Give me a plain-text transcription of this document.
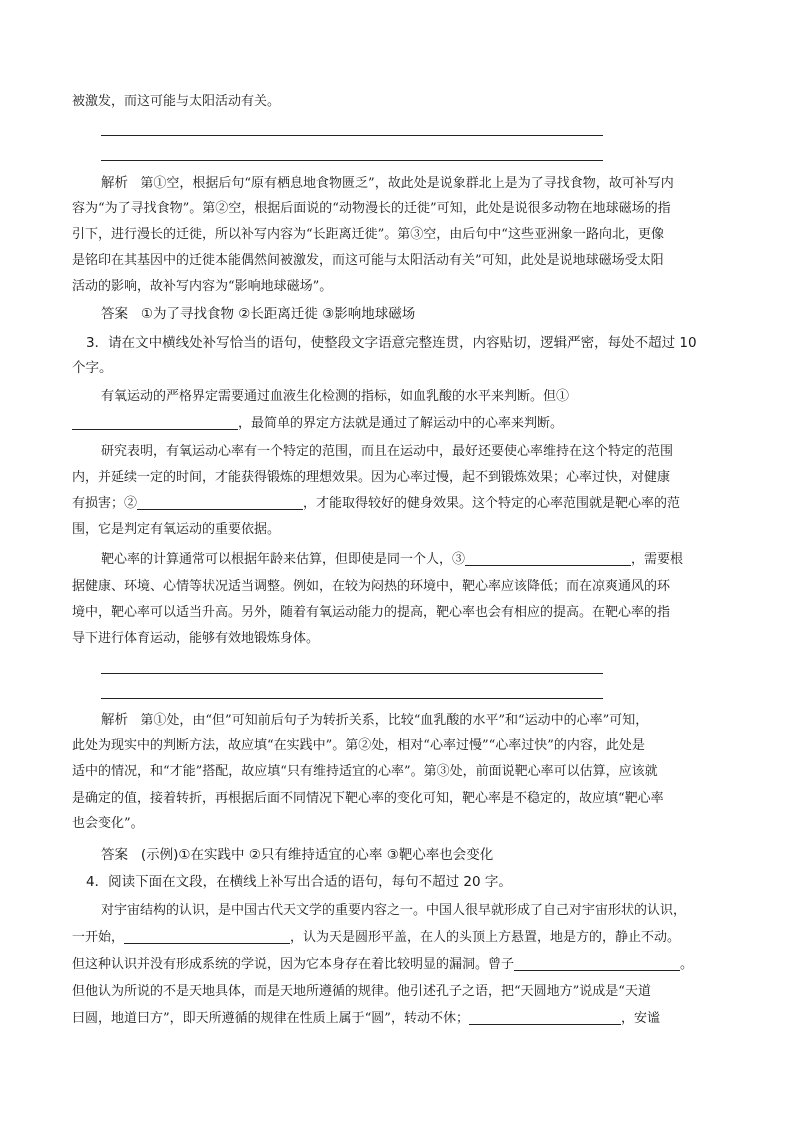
被激发，而这可能与太阳活动有关。
解析 第①空，根据后句“原有栖息地食物匮乏”，故此处是说象群北上是为了寻找食物，故可补写内
容为“为了寻找食物”。第②空，根据后面说的“动物漫长的迁徙”可知，此处是说很多动物在地球磁场的指
引下，进行漫长的迁徙，所以补写内容为“长距离迁徙”。第③空，由后句中“这些亚洲象一路向北，更像
是铭印在其基因中的迁徙本能偶然间被激发，而这可能与太阳活动有关”可知，此处是说地球磁场受太阳
活动的影响，故补写内容为“影响地球磁场”。
答案 ①为了寻找食物 ②长距离迁徙 ③影响地球磁场
3．请在文中横线处补写恰当的语句，使整段文字语意完整连贯，内容贴切，逻辑严密，每处不超过 10
个字。
有氧运动的严格界定需要通过血液生化检测的指标，如血乳酸的水平来判断。但①
，最简单的界定方法就是通过了解运动中的心率来判断。
研究表明，有氧运动心率有一个特定的范围，而且在运动中，最好还要使心率维持在这个特定的范围
内，并延续一定的时间，才能获得锻炼的理想效果。因为心率过慢，起不到锻炼效果；心率过快，对健康
有损害；②	，才能取得较好的健身效果。这个特定的心率范围就是靶心率的范
围，它是判定有氧运动的重要依据。
靶心率的计算通常可以根据年龄来估算，但即使是同一个人，③	，需要根
据健康、环境、心情等状况适当调整。例如，在较为闷热的环境中，靶心率应该降低；而在凉爽通风的环
境中，靶心率可以适当升高。另外，随着有氧运动能力的提高，靶心率也会有相应的提高。在靶心率的指
导下进行体育运动，能够有效地锻炼身体。
解析 第①处，由“但”可知前后句子为转折关系，比较“血乳酸的水平”和“运动中的心率”可知，
此处为现实中的判断方法，故应填“在实践中”。第②处，相对“心率过慢”“心率过快”的内容，此处是
适中的情况，和“才能”搭配，故应填“只有维持适宜的心率”。第③处，前面说靶心率可以估算，应该就
是确定的值，接着转折，再根据后面不同情况下靶心率的变化可知，靶心率是不稳定的，故应填“靶心率
也会变化”。
答案 (示例)①在实践中 ②只有维持适宜的心率 ③靶心率也会变化
4．阅读下面在文段，在横线上补写出合适的语句，每句不超过 20 字。
对宇宙结构的认识，是中国古代天文学的重要内容之一。中国人很早就形成了自己对宇宙形状的认识，
一开始，	，认为天是圆形平盖，在人的头顶上方悬置，地是方的，静止不动。
但这种认识并没有形成系统的学说，因为它本身存在着比较明显的漏洞。曾子	。
但他认为所说的不是天地具体，而是天地所遵循的规律。他引述孔子之语，把“天圆地方”说成是“天道
曰圆，地道曰方”，即天所遵循的规律在性质上属于“圆”，转动不休；	，安谧
